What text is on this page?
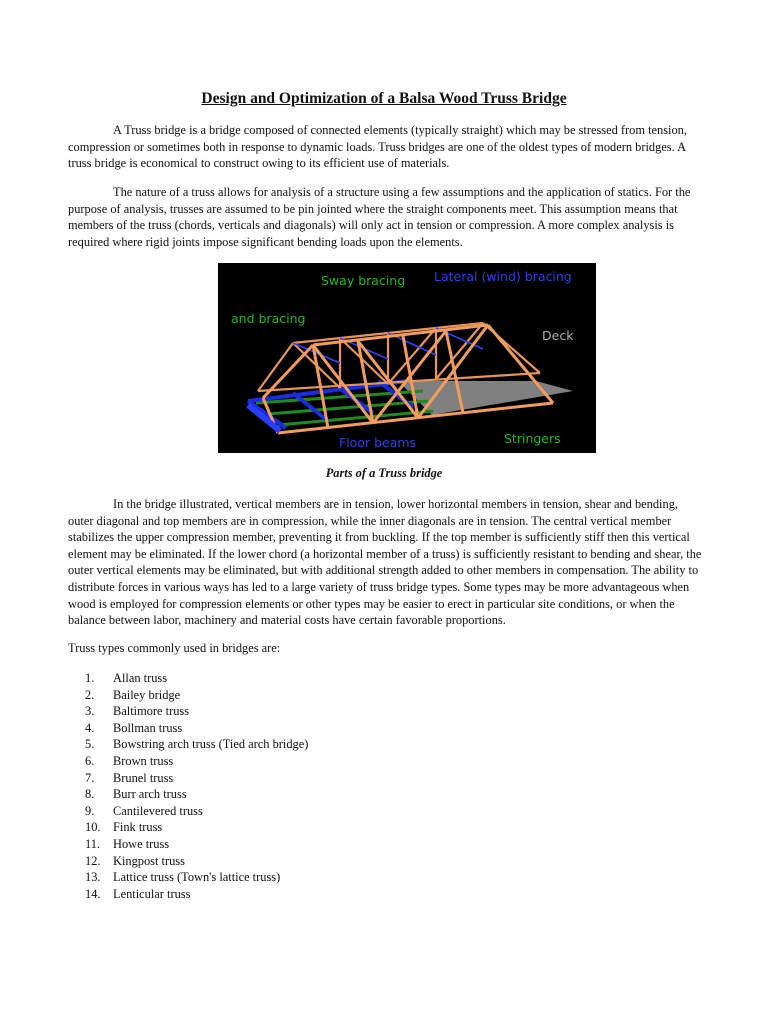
Design and Optimization of a Balsa Wood Truss Bridge

A Truss bridge is a bridge composed of connected elements (typically straight) which may be stressed from tension, compression or sometimes both in response to dynamic loads. Truss bridges are one of the oldest types of modern bridges. A truss bridge is economical to construct owing to its efficient use of materials.

The nature of a truss allows for analysis of a structure using a few assumptions and the application of statics. For the purpose of analysis, trusses are assumed to be pin jointed where the straight components meet. This assumption means that members of the truss (chords, verticals and diagonals) will only act in tension or compression. A more complex analysis is required where rigid joints impose significant bending loads upon the elements.

Sway bracing Lateral (wind) bracing
and bracing
Deck
Floor beams	Stringers
Parts of a Truss bridge

In the bridge illustrated, vertical members are in tension, lower horizontal members in tension, shear and bending, outer diagonal and top members are in compression, while the inner diagonals are in tension. The central vertical member stabilizes the upper compression member, preventing it from buckling. If the top member is sufficiently stiff then this vertical element may be eliminated. If the lower chord (a horizontal member of a truss) is sufficiently resistant to bending and shear, the outer vertical elements may be eliminated, but with additional strength added to other members in compensation. The ability to distribute forces in various ways has led to a large variety of truss bridge types. Some types may be more advantageous when wood is employed for compression elements or other types may be easier to erect in particular site conditions, or when the balance between labor, machinery and material costs have certain favorable proportions.

Truss types commonly used in bridges are:

1. Allan truss
2. Bailey bridge
3. Baltimore truss
4. Bollman truss
5. Bowstring arch truss (Tied arch bridge)
6. Brown truss
7. Brunel truss
8. Burr arch truss
9. Cantilevered truss
10. Fink truss
11. Howe truss
12. Kingpost truss
13. Lattice truss (Town's lattice truss)
14. Lenticular truss
